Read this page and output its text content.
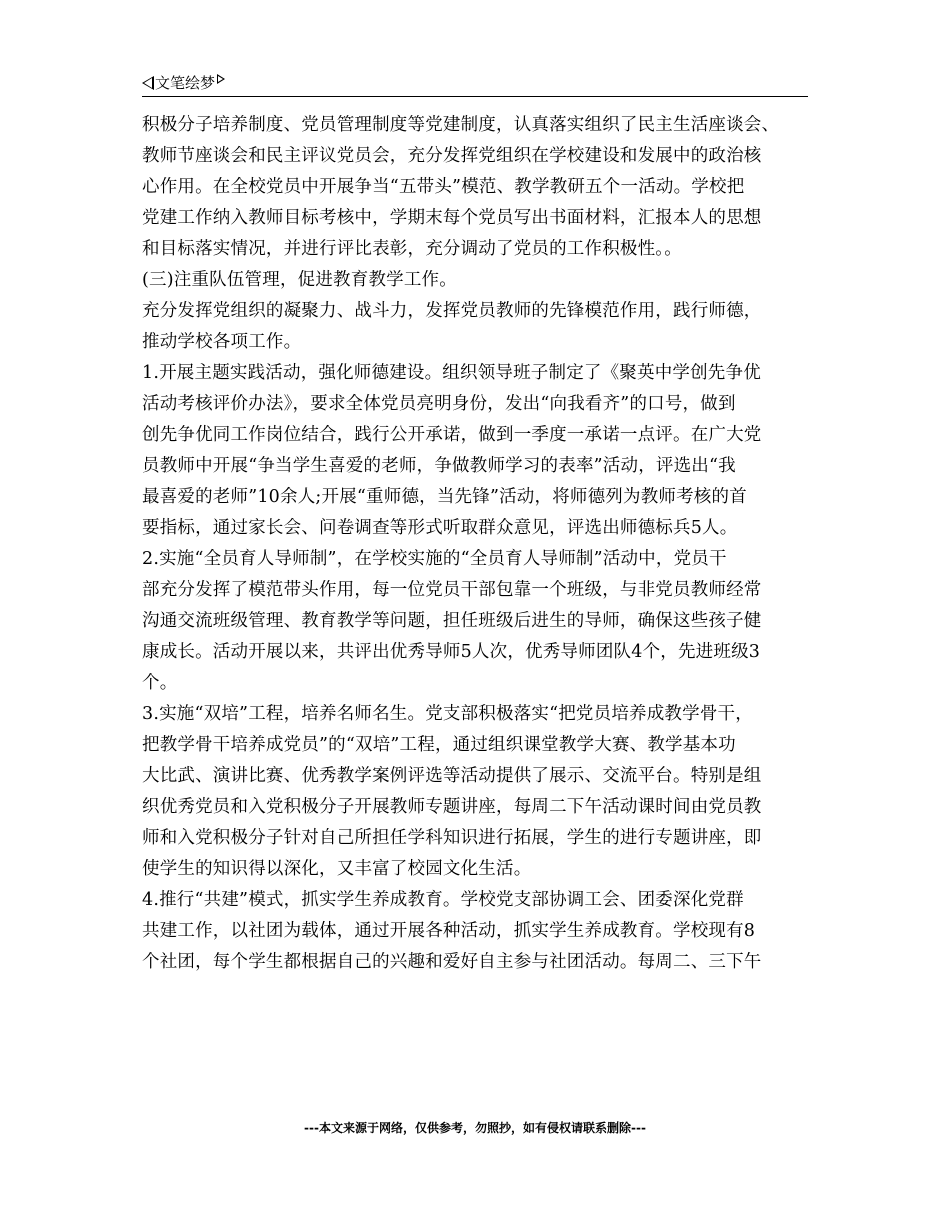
文笔绘梦
积极分子培养制度、党员管理制度等党建制度，认真落实组织了民主生活座谈会、
教师节座谈会和民主评议党员会，充分发挥党组织在学校建设和发展中的政治核
心作用。在全校党员中开展争当“五带头”模范、教学教研五个一活动。学校把
党建工作纳入教师目标考核中，学期末每个党员写出书面材料，汇报本人的思想
和目标落实情况，并进行评比表彰，充分调动了党员的工作积极性。。
(三)注重队伍管理，促进教育教学工作。
充分发挥党组织的凝聚力、战斗力，发挥党员教师的先锋模范作用，践行师德，
推动学校各项工作。
1.开展主题实践活动，强化师德建设。组织领导班子制定了《聚英中学创先争优
活动考核评价办法》，要求全体党员亮明身份，发出“向我看齐”的口号，做到
创先争优同工作岗位结合，践行公开承诺，做到一季度一承诺一点评。在广大党
员教师中开展“争当学生喜爱的老师，争做教师学习的表率”活动，评选出“我
最喜爱的老师”10余人;开展“重师德，当先锋”活动，将师德列为教师考核的首
要指标，通过家长会、问卷调查等形式听取群众意见，评选出师德标兵5人。
2.实施“全员育人导师制”，在学校实施的“全员育人导师制”活动中，党员干
部充分发挥了模范带头作用，每一位党员干部包靠一个班级，与非党员教师经常
沟通交流班级管理、教育教学等问题，担任班级后进生的导师，确保这些孩子健
康成长。活动开展以来，共评出优秀导师5人次，优秀导师团队4个，先进班级3
个。
3.实施“双培”工程，培养名师名生。党支部积极落实“把党员培养成教学骨干，
把教学骨干培养成党员”的“双培”工程，通过组织课堂教学大赛、教学基本功
大比武、演讲比赛、优秀教学案例评选等活动提供了展示、交流平台。特别是组
织优秀党员和入党积极分子开展教师专题讲座，每周二下午活动课时间由党员教
师和入党积极分子针对自己所担任学科知识进行拓展，学生的进行专题讲座，即
使学生的知识得以深化，又丰富了校园文化生活。
4.推行“共建”模式，抓实学生养成教育。学校党支部协调工会、团委深化党群
共建工作，以社团为载体，通过开展各种活动，抓实学生养成教育。学校现有8
个社团，每个学生都根据自己的兴趣和爱好自主参与社团活动。每周二、三下午
---本文来源于网络，仅供参考，勿照抄，如有侵权请联系删除---
